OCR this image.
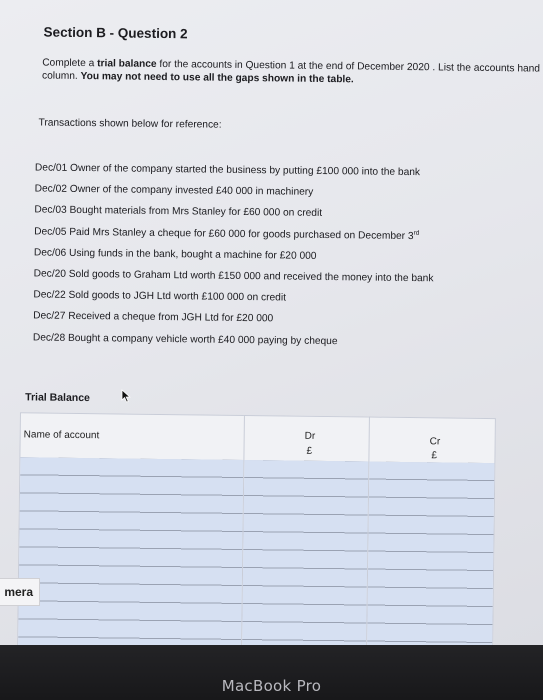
Section B - Question 2
Complete a trial balance for the accounts in Question 1 at the end of December 2020 . List the accounts hand column. You may not need to use all the gaps shown in the table.
Transactions shown below for reference:
Dec/01 Owner of the company started the business by putting £100 000 into the bank
Dec/02 Owner of the company invested £40 000 in machinery
Dec/03 Bought materials from Mrs Stanley for £60 000 on credit
Dec/05 Paid Mrs Stanley a cheque for £60 000 for goods purchased on December 3rd
Dec/06 Using funds in the bank, bought a machine for £20 000
Dec/20 Sold goods to Graham Ltd worth £150 000 and received the money into the bank
Dec/22 Sold goods to JGH Ltd worth £100 000 on credit
Dec/27 Received a cheque from JGH Ltd for £20 000
Dec/28 Bought a company vehicle worth £40 000 paying by cheque
Trial Balance
Name of account	Dr
£
Cr
£
mera
MacBook Pro
